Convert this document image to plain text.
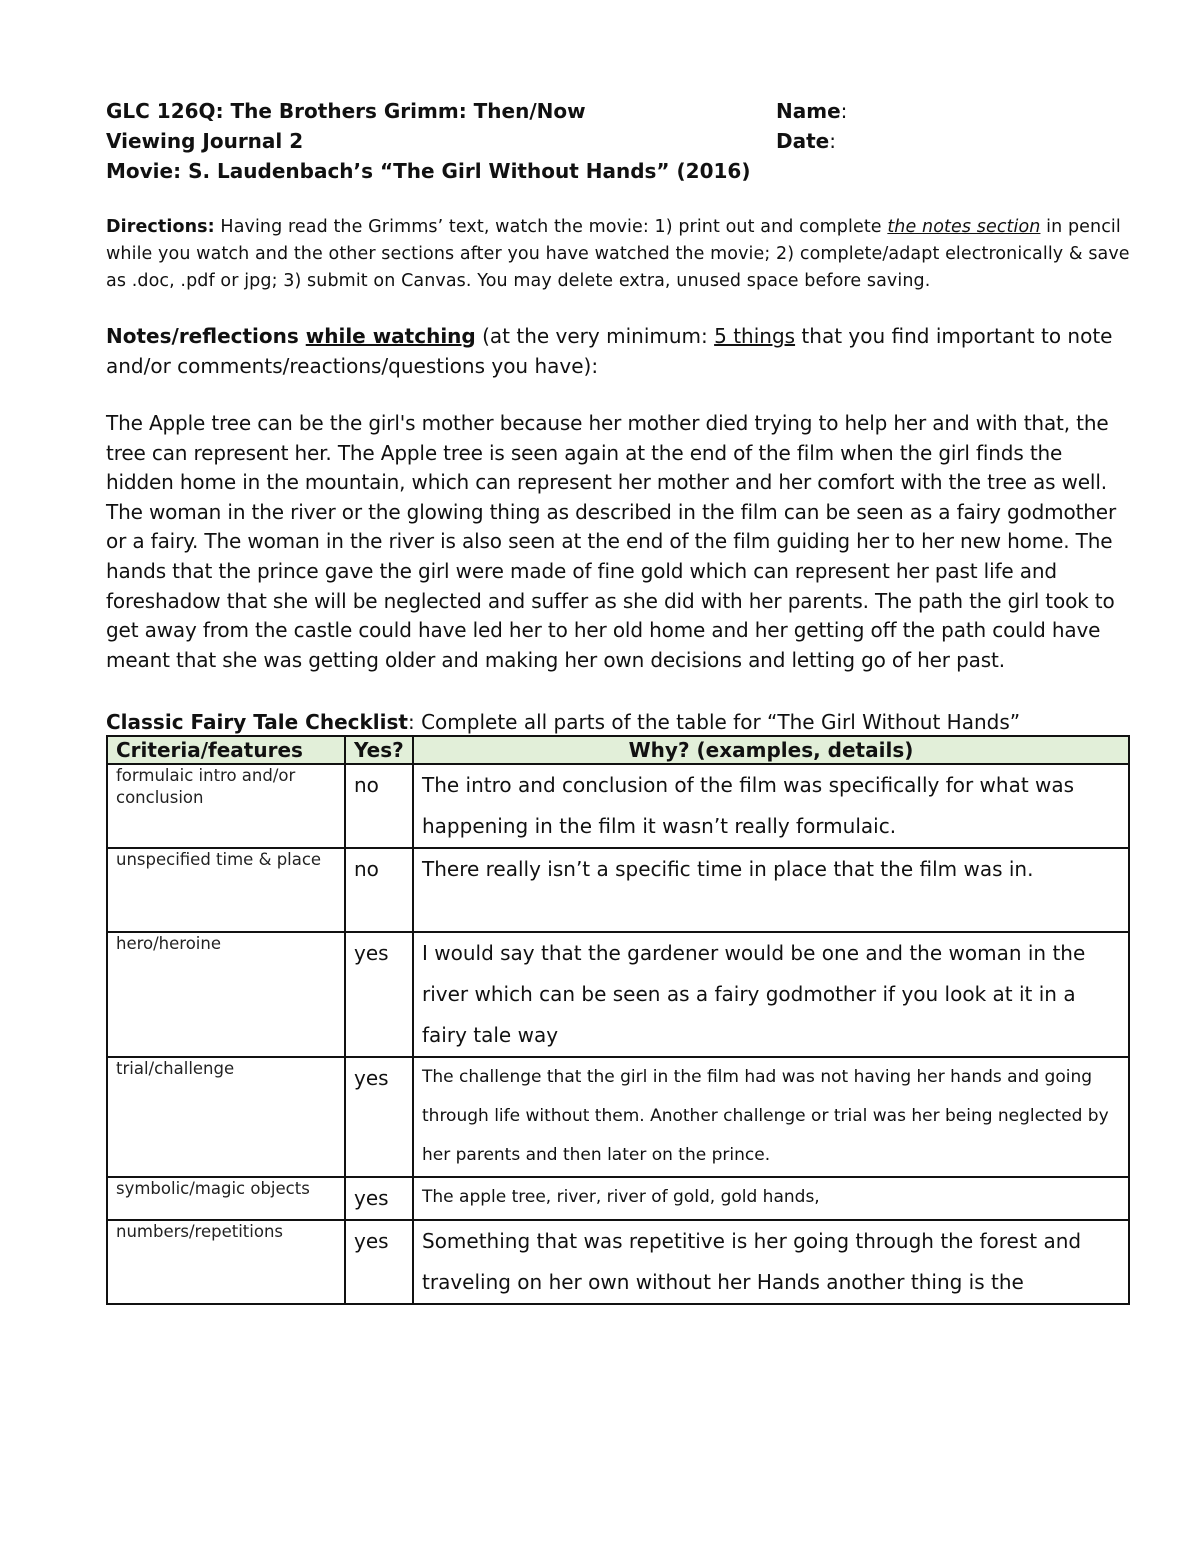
GLC 126Q: The Brothers Grimm: Then/Now
Viewing Journal 2
Movie: S. Laudenbach’s “The Girl Without Hands” (2016)
Name:
Date:
Directions: Having read the Grimms’ text, watch the movie: 1) print out and complete the notes section in pencil while you watch and the other sections after you have watched the movie; 2) complete/adapt electronically & save as .doc, .pdf or jpg; 3) submit on Canvas. You may delete extra, unused space before saving.
Notes/reflections while watching (at the very minimum: 5 things that you find important to note and/or comments/reactions/questions you have):
The Apple tree can be the girl's mother because her mother died trying to help her and with that, the tree can represent her. The Apple tree is seen again at the end of the film when the girl finds the hidden home in the mountain, which can represent her mother and her comfort with the tree as well. The woman in the river or the glowing thing as described in the film can be seen as a fairy godmother or a fairy. The woman in the river is also seen at the end of the film guiding her to her new home. The hands that the prince gave the girl were made of fine gold which can represent her past life and foreshadow that she will be neglected and suffer as she did with her parents. The path the girl took to get away from the castle could have led her to her old home and her getting off the path could have meant that she was getting older and making her own decisions and letting go of her past.
Classic Fairy Tale Checklist: Complete all parts of the table for “The Girl Without Hands”
Criteria/features	Yes?	Why? (examples, details)
formulaic intro and/or conclusion	no	The intro and conclusion of the film was specifically for what was happening in the film it wasn’t really formulaic.
unspecified time & place	no	There really isn’t a specific time in place that the film was in.
hero/heroine	yes	I would say that the gardener would be one and the woman in the river which can be seen as a fairy godmother if you look at it in a fairy tale way
trial/challenge	yes	The challenge that the girl in the film had was not having her hands and going through life without them. Another challenge or trial was her being neglected by her parents and then later on the prince.
symbolic/magic objects	yes	The apple tree, river, river of gold, gold hands,
numbers/repetitions	yes	Something that was repetitive is her going through the forest and traveling on her own without her Hands another thing is the
